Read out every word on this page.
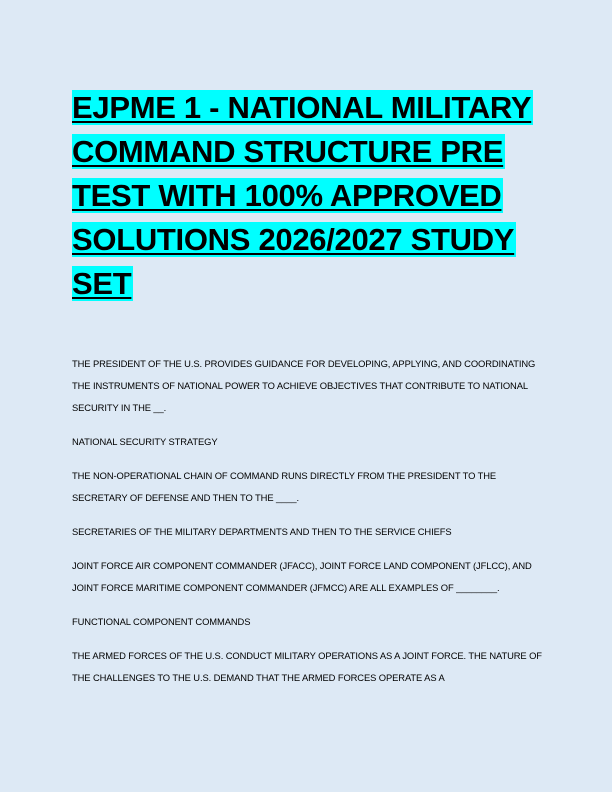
EJPME 1 - NATIONAL MILITARY COMMAND STRUCTURE PRE TEST WITH 100% APPROVED SOLUTIONS 2026/2027 STUDY SET

THE PRESIDENT OF THE U.S. PROVIDES GUIDANCE FOR DEVELOPING, APPLYING, AND COORDINATING THE INSTRUMENTS OF NATIONAL POWER TO ACHIEVE OBJECTIVES THAT CONTRIBUTE TO NATIONAL SECURITY IN THE __.

NATIONAL SECURITY STRATEGY

THE NON-OPERATIONAL CHAIN OF COMMAND RUNS DIRECTLY FROM THE PRESIDENT TO THE SECRETARY OF DEFENSE AND THEN TO THE ____.

SECRETARIES OF THE MILITARY DEPARTMENTS AND THEN TO THE SERVICE CHIEFS

JOINT FORCE AIR COMPONENT COMMANDER (JFACC), JOINT FORCE LAND COMPONENT (JFLCC), AND JOINT FORCE MARITIME COMPONENT COMMANDER (JFMCC) ARE ALL EXAMPLES OF ________.

FUNCTIONAL COMPONENT COMMANDS

THE ARMED FORCES OF THE U.S. CONDUCT MILITARY OPERATIONS AS A JOINT FORCE. THE NATURE OF THE CHALLENGES TO THE U.S. DEMAND THAT THE ARMED FORCES OPERATE AS A
